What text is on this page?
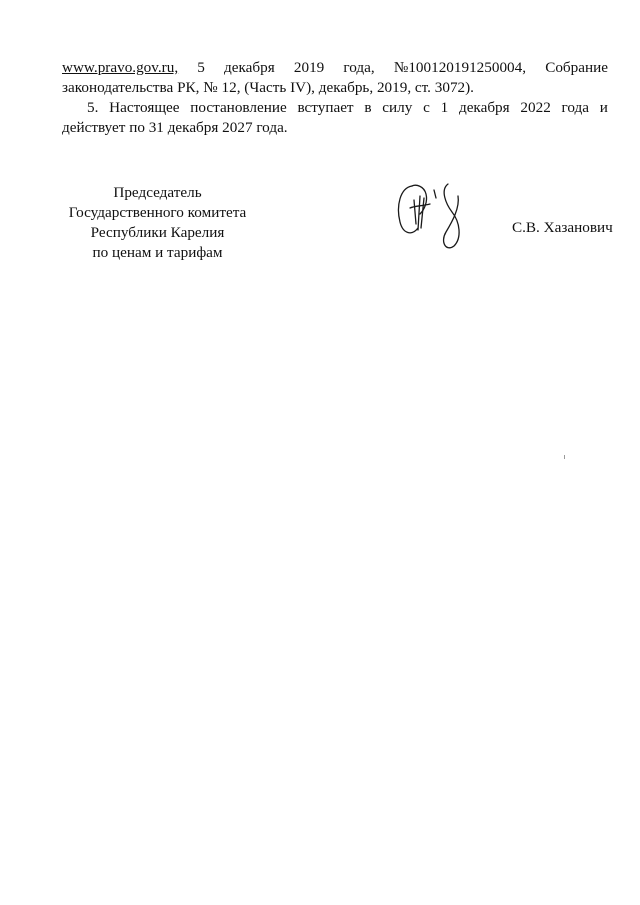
www.pravo.gov.ru, 5 декабря 2019 года, №100120191250004, Собрание
законодательства РК, № 12, (Часть IV), декабрь, 2019, ст. 3072).
5. Настоящее постановление вступает в силу с 1 декабря 2022 года и
действует по 31 декабря 2027 года.
Председатель
Государственного комитета
Республики Карелия
по ценам и тарифам
С.В. Хазанович
